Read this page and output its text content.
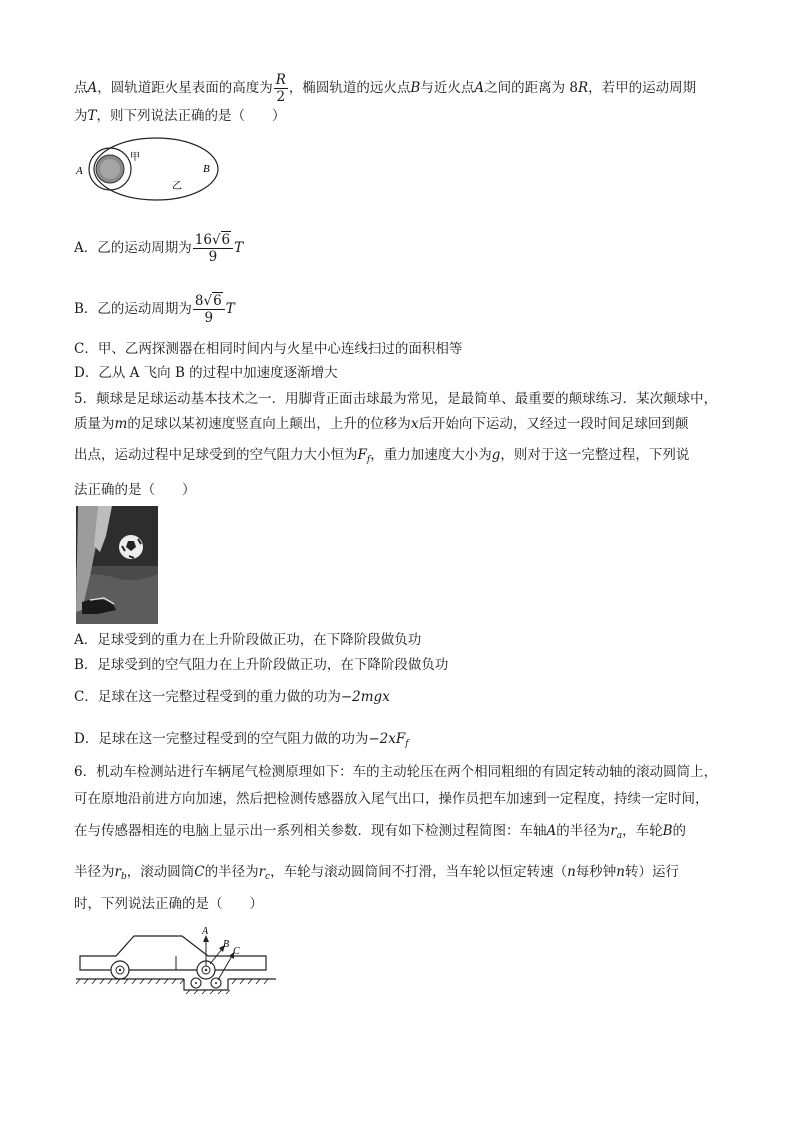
点A，圆轨道距火星表面的高度为 $\frac{R}{2}$ ，椭圆轨道的远火点B与近火点A之间的距离为 8R，若甲的运动周期
为T，则下列说法正确的是（　　）
A	B
甲
乙
A．乙的运动周期为 $\frac{16√6}{9}$ T
B．乙的运动周期为 $\frac{8√6}{9}$ T
C．甲、乙两探测器在相同时间内与火星中心连线扫过的面积相等
D．乙从 A 飞向 B 的过程中加速度逐渐增大
5．颠球是足球运动基本技术之一．用脚背正面击球最为常见，是最简单、最重要的颠球练习．某次颠球中，
质量为m的足球以某初速度竖直向上颠出，上升的位移为x后开始向下运动，又经过一段时间足球回到颠
出点，运动过程中足球受到的空气阻力大小恒为$F_f$，重力加速度大小为g，则对于这一完整过程，下列说
法正确的是（　　）
A．足球受到的重力在上升阶段做正功，在下降阶段做负功
B．足球受到的空气阻力在上升阶段做正功，在下降阶段做负功
C．足球在这一完整过程受到的重力做的功为−2mgx
D．足球在这一完整过程受到的空气阻力做的功为$-2xF_f$
6．机动车检测站进行车辆尾气检测原理如下：车的主动轮压在两个相同粗细的有固定转动轴的滚动圆筒上，
可在原地沿前进方向加速，然后把检测传感器放入尾气出口，操作员把车加速到一定程度，持续一定时间，
在与传感器相连的电脑上显示出一系列相关参数．现有如下检测过程简图：车轴A的半径为$r_a$，车轮B的
半径为$r_b$，滚动圆筒C的半径为$r_c$，车轮与滚动圆筒间不打滑，当车轮以恒定转速（n每秒钟n转）运行
时，下列说法正确的是（　　）
A
B
C
